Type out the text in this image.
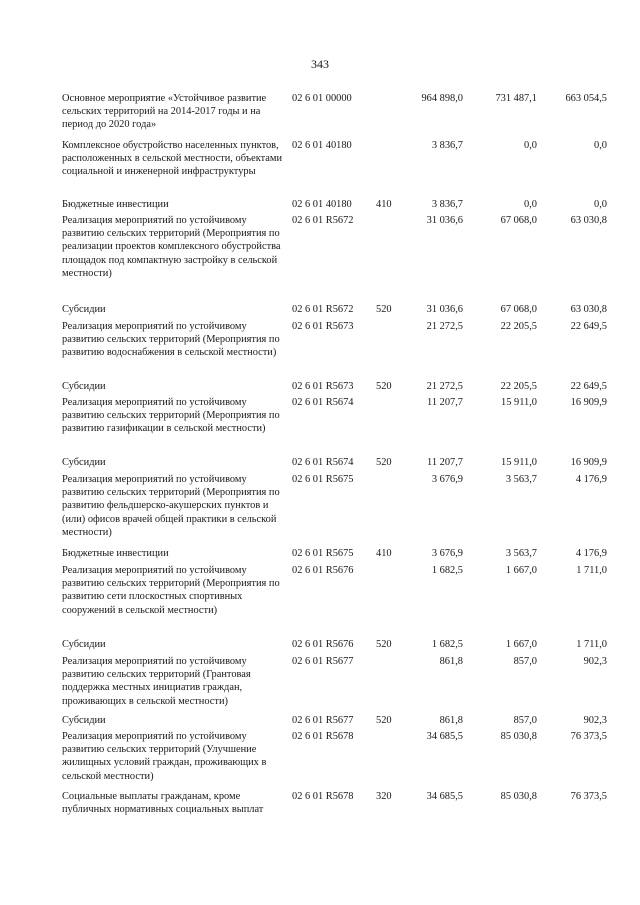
343
Основное мероприятие «Устойчивое развитие сельских территорий на 2014-2017 годы и на период до 2020 года»
02 6 01 00000	964 898,0	731 487,1	663 054,5
Комплексное обустройство населенных пунктов, расположенных в сельской местности, объектами социальной и инженерной инфраструктуры
02 6 01 40180	3 836,7	0,0	0,0
Бюджетные инвестиции	02 6 01 40180 410	3 836,7	0,0	0,0
Реализация мероприятий по устойчивому развитию сельских территорий (Мероприятия по реализации проектов комплексного обустройства площадок под компактную застройку в сельской местности)
02 6 01 R5672	31 036,6	67 068,0	63 030,8
Субсидии	02 6 01 R5672 520	31 036,6	67 068,0	63 030,8
Реализация мероприятий по устойчивому развитию сельских территорий (Мероприятия по развитию водоснабжения в сельской местности)
02 6 01 R5673	21 272,5	22 205,5	22 649,5
Субсидии	02 6 01 R5673 520	21 272,5	22 205,5	22 649,5
Реализация мероприятий по устойчивому развитию сельских территорий (Мероприятия по развитию газификации в сельской местности)
02 6 01 R5674	11 207,7	15 911,0	16 909,9
Субсидии	02 6 01 R5674 520	11 207,7	15 911,0	16 909,9
Реализация мероприятий по устойчивому развитию сельских территорий (Мероприятия по развитию фельдшерско-акушерских пунктов и (или) офисов врачей общей практики в сельской местности)
02 6 01 R5675	3 676,9	3 563,7	4 176,9
Бюджетные инвестиции	02 6 01 R5675 410	3 676,9	3 563,7	4 176,9
Реализация мероприятий по устойчивому развитию сельских территорий (Мероприятия по развитию сети плоскостных спортивных сооружений в сельской местности)
02 6 01 R5676	1 682,5	1 667,0	1 711,0
Субсидии	02 6 01 R5676 520	1 682,5	1 667,0	1 711,0
Реализация мероприятий по устойчивому развитию сельских территорий (Грантовая поддержка местных инициатив граждан, проживающих в сельской местности)
02 6 01 R5677	861,8	857,0	902,3
Субсидии	02 6 01 R5677 520	861,8	857,0	902,3
Реализация мероприятий по устойчивому развитию сельских территорий (Улучшение жилищных условий граждан, проживающих в сельской местности)
02 6 01 R5678	34 685,5	85 030,8	76 373,5
Социальные выплаты гражданам, кроме публичных нормативных социальных выплат
02 6 01 R5678 320	34 685,5	85 030,8	76 373,5
